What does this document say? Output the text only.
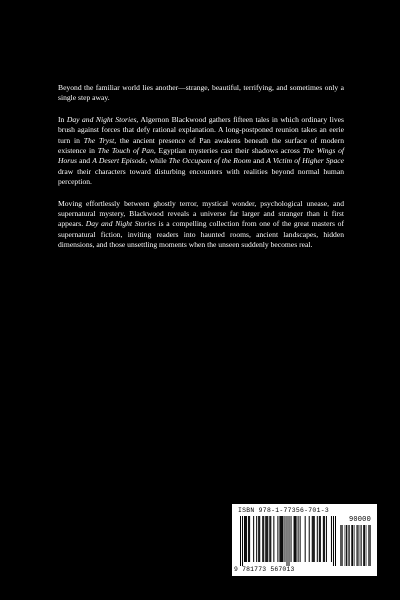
Beyond the familiar world lies another—strange, beautiful, terrifying, and sometimes only a single step away.

In Day and Night Stories, Algernon Blackwood gathers fifteen tales in which ordinary lives brush against forces that defy rational explanation. A long-postponed reunion takes an eerie turn in The Tryst, the ancient presence of Pan awakens beneath the surface of modern existence in The Touch of Pan, Egyptian mysteries cast their shadows across The Wings of Horus and A Desert Episode, while The Occupant of the Room and A Victim of Higher Space draw their characters toward disturbing encounters with realities beyond normal human perception.

Moving effortlessly between ghostly terror, mystical wonder, psychological unease, and supernatural mystery, Blackwood reveals a universe far larger and stranger than it first appears. Day and Night Stories is a compelling collection from one of the great masters of supernatural fiction, inviting readers into haunted rooms, ancient landscapes, hidden dimensions, and those unsettling moments when the unseen suddenly becomes real.

ISBN 978-1-77356-701-3
90000
9 781773 567013
